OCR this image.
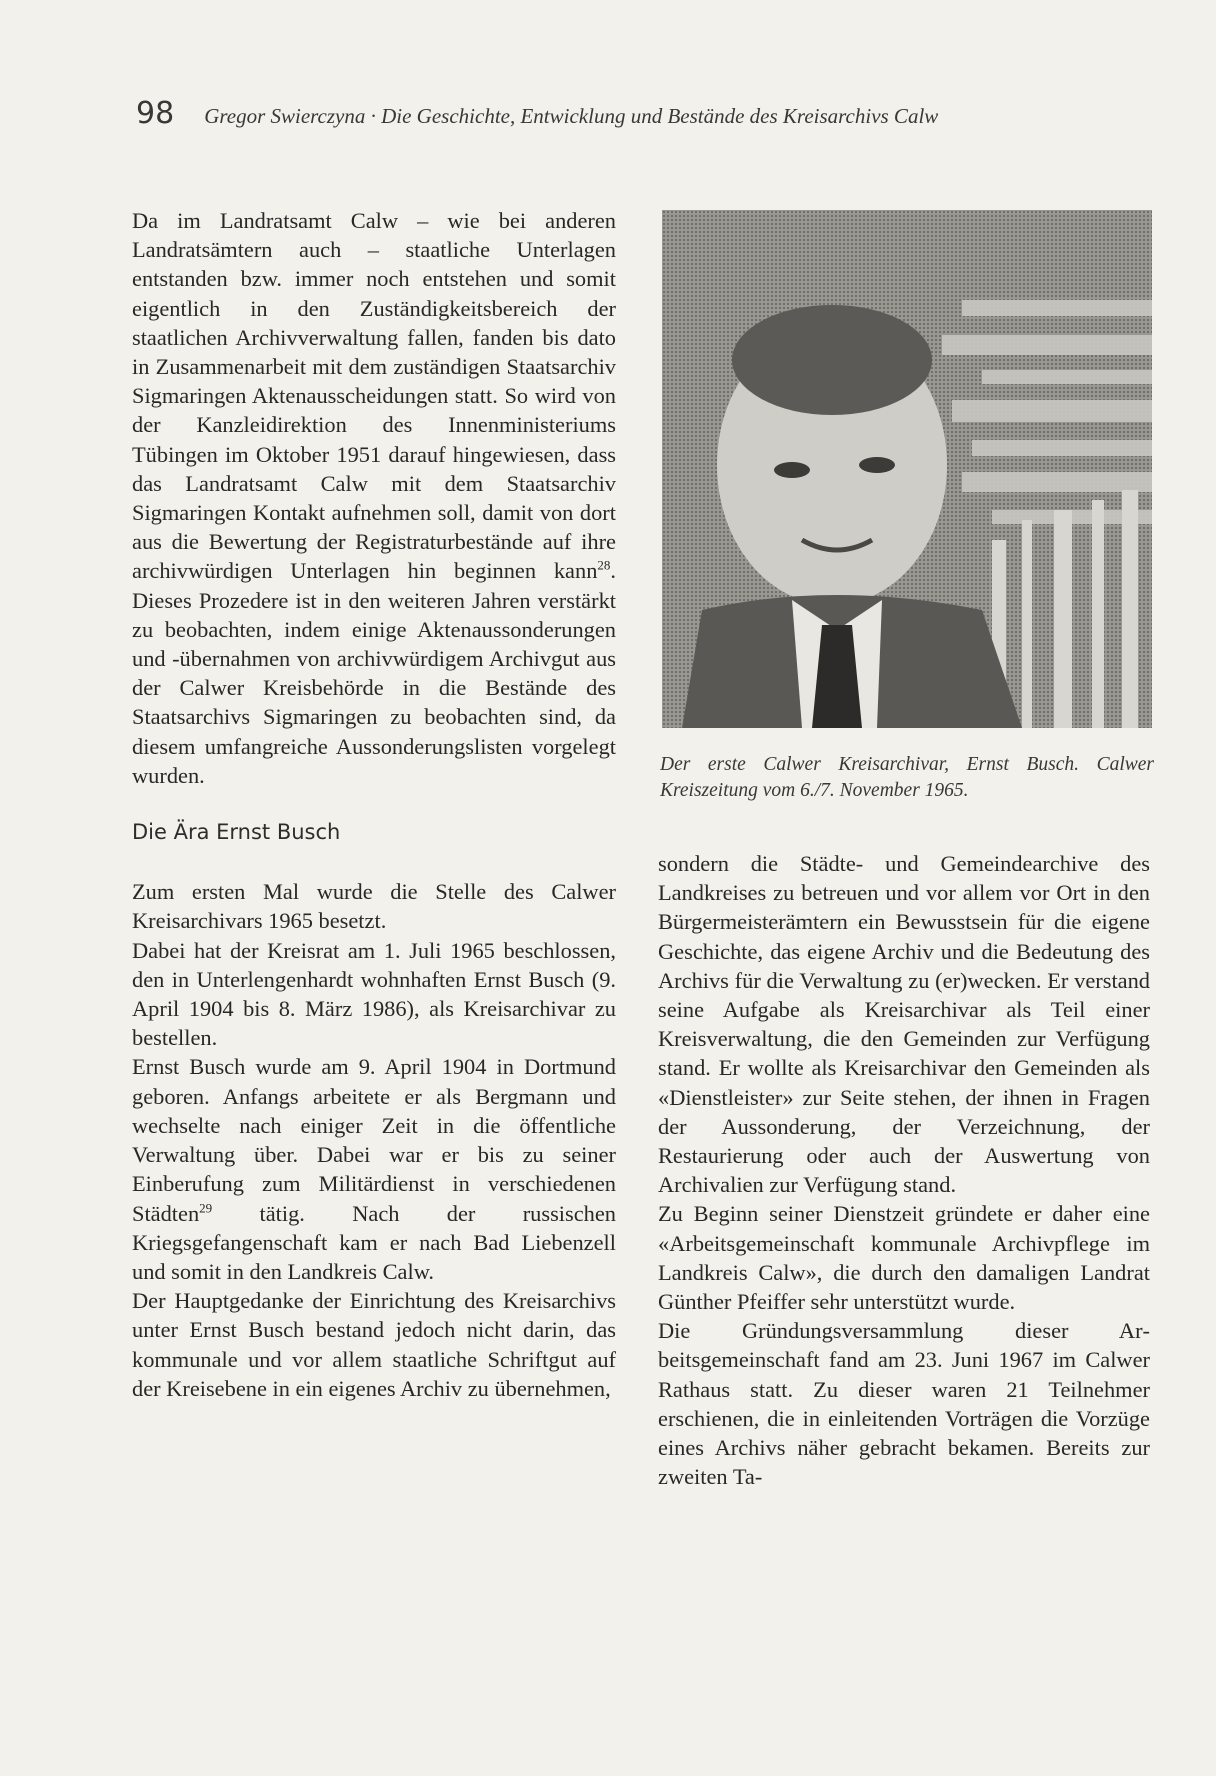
98 Gregor Swierczyna · Die Geschichte, Entwicklung und Bestände des Kreisarchivs Calw

Da im Landratsamt Calw – wie bei anderen Landratsämtern auch – staatliche Unterlagen entstanden bzw. immer noch entstehen und somit eigentlich in den Zuständigkeitsbereich der staatlichen Archivverwaltung fallen, fanden bis dato in Zusammenarbeit mit dem zuständigen Staatsarchiv Sigmaringen Aktenausscheidungen statt. So wird von der Kanzleidirektion des Innenministeriums Tübingen im Oktober 1951 darauf hingewiesen, dass das Landratsamt Calw mit dem Staatsarchiv Sigmaringen Kontakt aufnehmen soll, damit von dort aus die Bewertung der Registraturbestände auf ihre archivwürdigen Unterlagen hin beginnen kann$^{28}$. Dieses Prozedere ist in den weiteren Jahren verstärkt zu beobachten, indem einige Aktenaussonderungen und -übernahmen von archivwürdigem Archivgut aus der Calwer Kreisbehörde in die Bestände des Staatsarchivs Sigmaringen zu beobachten sind, da diesem umfangreiche Aussonderungslisten vorgelegt wurden.

Die Ära Ernst Busch

Zum ersten Mal wurde die Stelle des Calwer Kreisarchivars 1965 besetzt.

Dabei hat der Kreisrat am 1. Juli 1965 beschlossen, den in Unterlengenhardt wohnhaften Ernst Busch (9. April 1904 bis 8. März 1986), als Kreisarchivar zu bestellen.

Ernst Busch wurde am 9. April 1904 in Dortmund geboren. Anfangs arbeitete er als Bergmann und wechselte nach einiger Zeit in die öffentliche Verwaltung über. Dabei war er bis zu seiner Einberufung zum Militärdienst in verschiedenen Städten$^{29}$ tätig. Nach der russischen Kriegsgefangenschaft kam er nach Bad Liebenzell und somit in den Landkreis Calw.

Der Hauptgedanke der Einrichtung des Kreisarchivs unter Ernst Busch bestand jedoch nicht darin, das kommunale und vor allem staatliche Schriftgut auf der Kreisebene in ein eigenes Archiv zu übernehmen,

Der erste Calwer Kreisarchivar, Ernst Busch. Calwer Kreiszeitung vom 6./7. November 1965.

sondern die Städte- und Gemeindearchive des Landkreises zu betreuen und vor allem vor Ort in den Bürgermeisterämtern ein Bewusstsein für die eigene Geschichte, das eigene Archiv und die Bedeutung des Archivs für die Verwaltung zu (er)wecken. Er verstand seine Aufgabe als Kreisarchivar als Teil einer Kreisverwaltung, die den Gemeinden zur Verfügung stand. Er wollte als Kreisarchivar den Gemeinden als «Dienstleister» zur Seite stehen, der ihnen in Fragen der Aussonderung, der Verzeichnung, der Restaurierung oder auch der Auswertung von Archivalien zur Verfügung stand.

Zu Beginn seiner Dienstzeit gründete er daher eine «Arbeitsgemeinschaft kommunale Archivpflege im Landkreis Calw», die durch den damaligen Landrat Günther Pfeiffer sehr unterstützt wurde.

Die Gründungsversammlung dieser Arbeitsgemeinschaft fand am 23. Juni 1967 im Calwer Rathaus statt. Zu dieser waren 21 Teilnehmer erschienen, die in einleitenden Vorträgen die Vorzüge eines Archivs näher gebracht bekamen. Bereits zur zweiten Ta-
